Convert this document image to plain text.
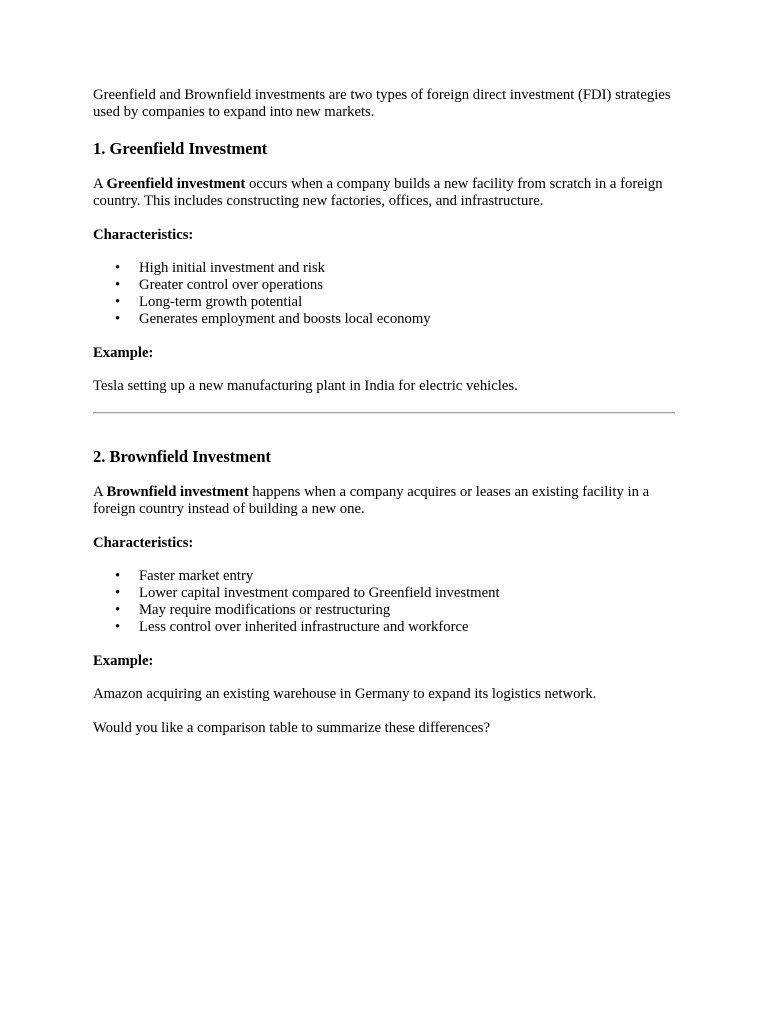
Greenfield and Brownfield investments are two types of foreign direct investment (FDI) strategies used by companies to expand into new markets.

1. Greenfield Investment

A Greenfield investment occurs when a company builds a new facility from scratch in a foreign country. This includes constructing new factories, offices, and infrastructure.

Characteristics:

• High initial investment and risk
• Greater control over operations
• Long-term growth potential
• Generates employment and boosts local economy

Example:

Tesla setting up a new manufacturing plant in India for electric vehicles.

2. Brownfield Investment

A Brownfield investment happens when a company acquires or leases an existing facility in a foreign country instead of building a new one.

Characteristics:

• Faster market entry
• Lower capital investment compared to Greenfield investment
• May require modifications or restructuring
• Less control over inherited infrastructure and workforce

Example:

Amazon acquiring an existing warehouse in Germany to expand its logistics network.

Would you like a comparison table to summarize these differences?
